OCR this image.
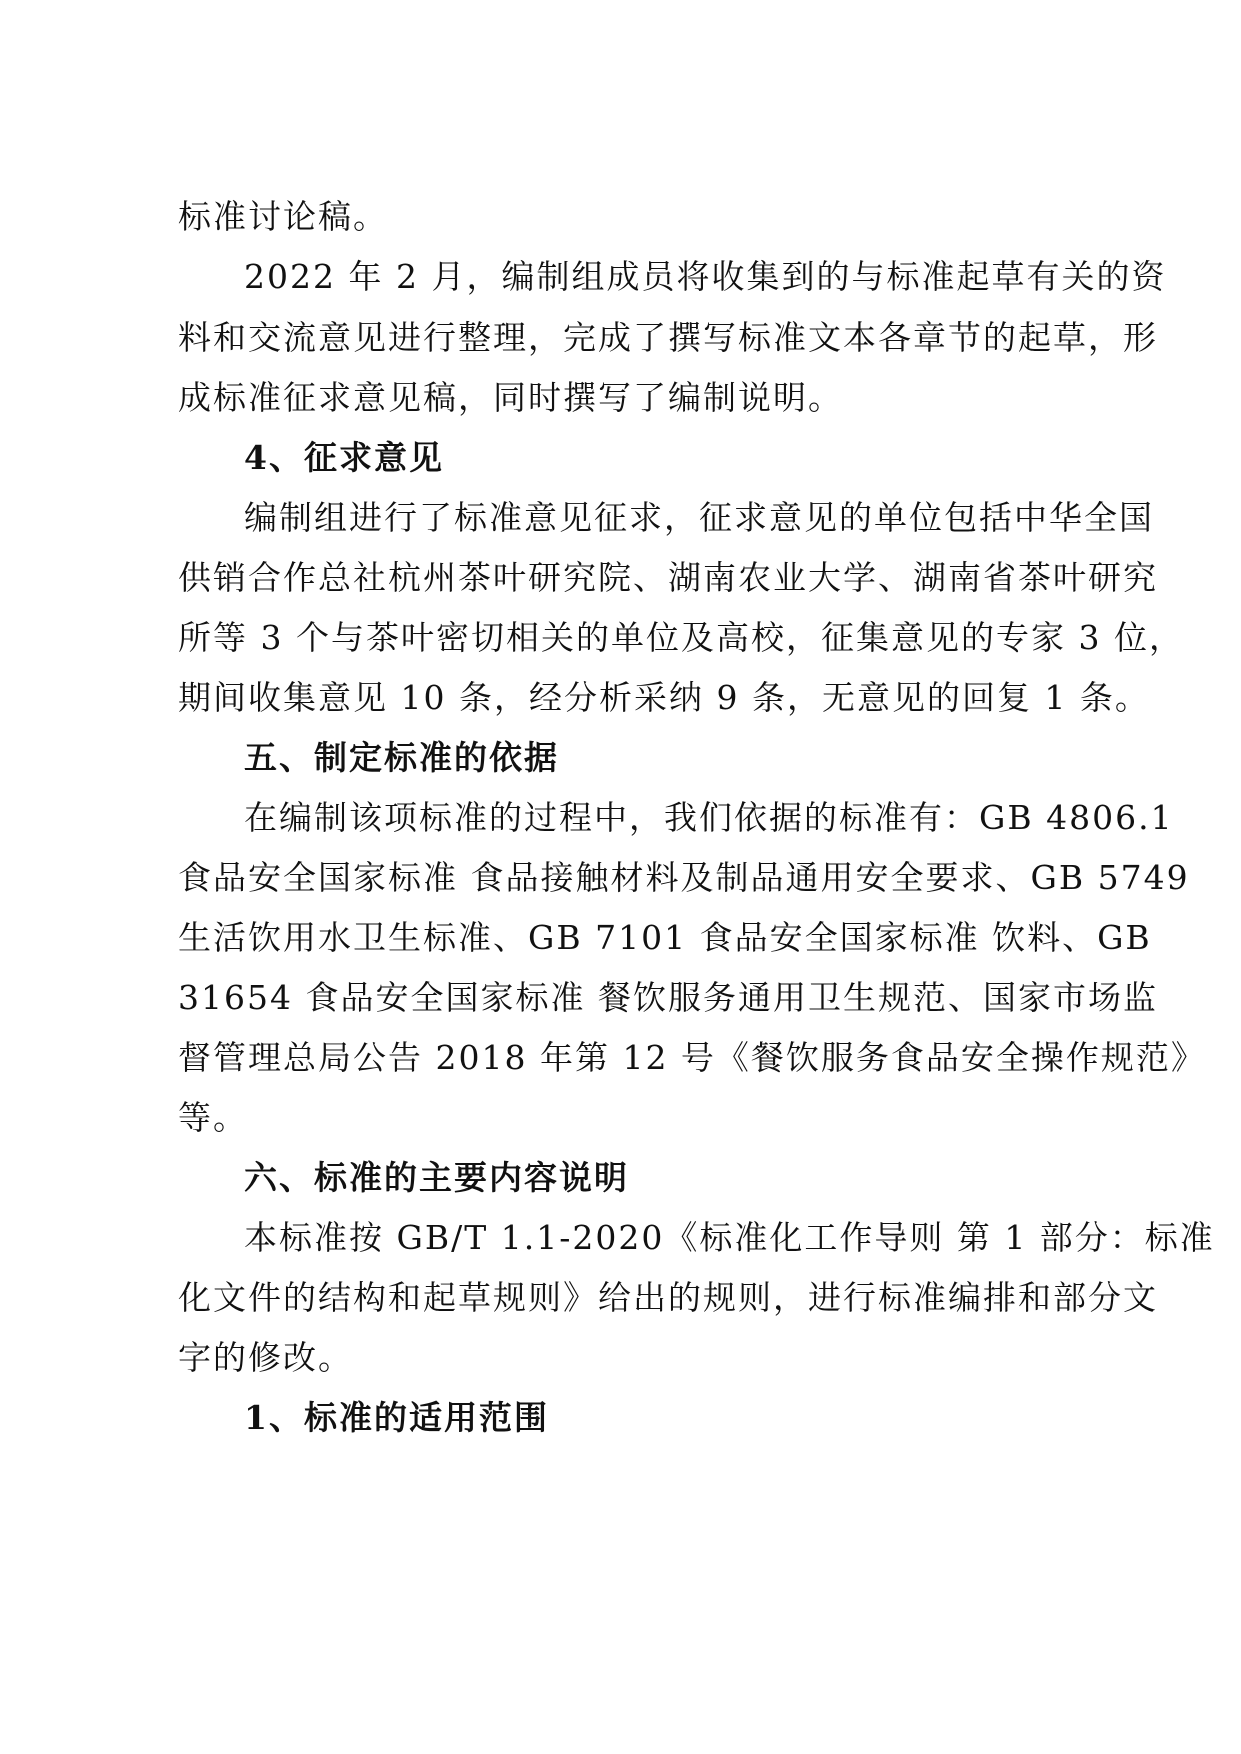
标准讨论稿。
2022 年 2 月，编制组成员将收集到的与标准起草有关的资
料和交流意见进行整理，完成了撰写标准文本各章节的起草，形
成标准征求意见稿，同时撰写了编制说明。
4、征求意见
编制组进行了标准意见征求，征求意见的单位包括中华全国
供销合作总社杭州茶叶研究院、湖南农业大学、湖南省茶叶研究
所等 3 个与茶叶密切相关的单位及高校，征集意见的专家 3 位，
期间收集意见 10 条，经分析采纳 9 条，无意见的回复 1 条。
五、制定标准的依据
在编制该项标准的过程中，我们依据的标准有：GB 4806.1
食品安全国家标准 食品接触材料及制品通用安全要求、GB 5749
生活饮用水卫生标准、GB 7101 食品安全国家标准 饮料、GB
31654 食品安全国家标准 餐饮服务通用卫生规范、国家市场监
督管理总局公告 2018 年第 12 号《餐饮服务食品安全操作规范》
等。
六、标准的主要内容说明
本标准按 GB/T 1.1-2020《标准化工作导则 第 1 部分：标准
化文件的结构和起草规则》给出的规则，进行标准编排和部分文
字的修改。
1、标准的适用范围
